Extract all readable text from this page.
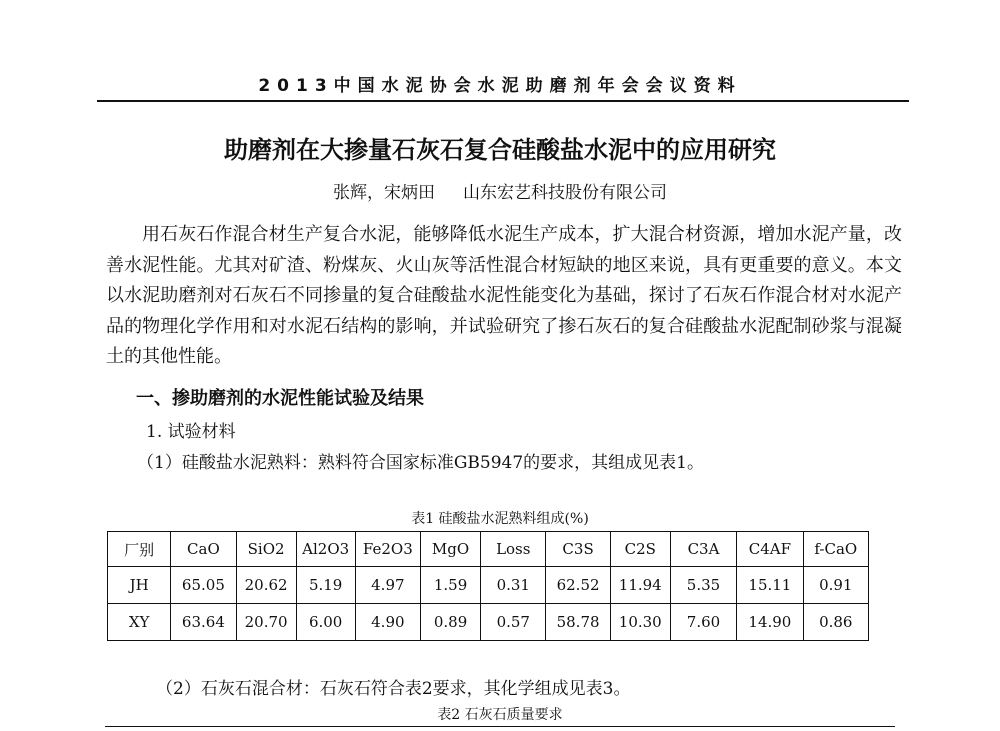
2013中国水泥协会水泥助磨剂年会会议资料
助磨剂在大掺量石灰石复合硅酸盐水泥中的应用研究
张辉，宋炳田 山东宏艺科技股份有限公司

用石灰石作混合材生产复合水泥，能够降低水泥生产成本，扩大混合材资源，增加水泥产量，改善水泥性能。尤其对矿渣、粉煤灰、火山灰等活性混合材短缺的地区来说，具有更重要的意义。本文以水泥助磨剂对石灰石不同掺量的复合硅酸盐水泥性能变化为基础，探讨了石灰石作混合材对水泥产品的物理化学作用和对水泥石结构的影响，并试验研究了掺石灰石的复合硅酸盐水泥配制砂浆与混凝土的其他性能。

一、掺助磨剂的水泥性能试验及结果
1. 试验材料
（1）硅酸盐水泥熟料：熟料符合国家标准GB5947的要求，其组成见表1。
表1 硅酸盐水泥熟料组成(%)
厂别	CaO	SiO2	Al2O3	Fe2O3	MgO	Loss	C3S	C2S	C3A	C4AF	f-CaO
JH	65.05	20.62	5.19	4.97	1.59	0.31	62.52	11.94	5.35	15.11	0.91
XY	63.64	20.70	6.00	4.90	0.89	0.57	58.78	10.30	7.60	14.90	0.86
（2）石灰石混合材：石灰石符合表2要求，其化学组成见表3。
表2 石灰石质量要求
